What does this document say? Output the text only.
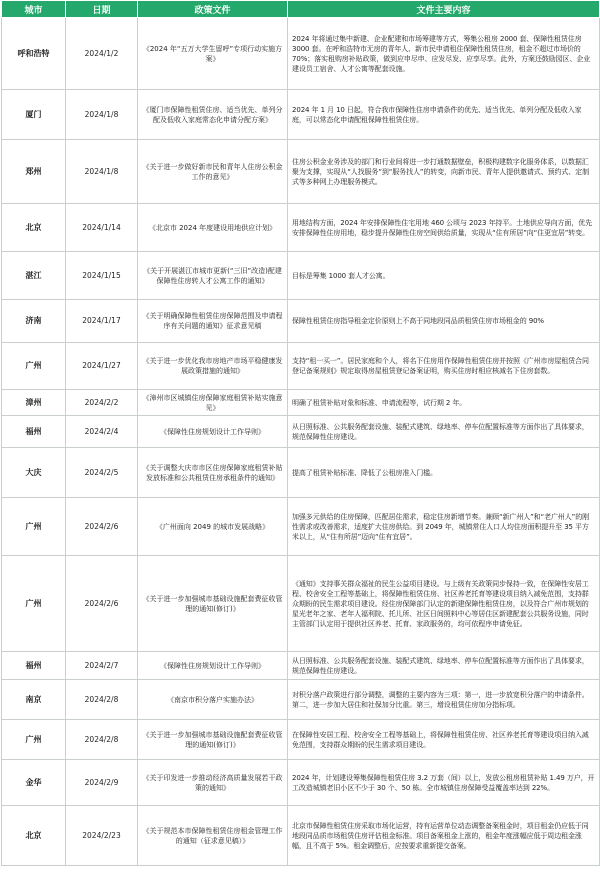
城市	日期	政策文件	文件主要内容
呼和浩特	2024/1/2	《2024 年“五万大学生留呼”专项行动实施方案》	2024 年将通过集中新建、企业配建和市场筹建等方式，筹集公租房 2000 套、保障性租赁住房 3000 套。在呼和浩特市无房的青年人、新市民申请租住保障性租赁住房，租金不超过市场价的 70%；落实租购房补贴政策，做到应申尽申、应发尽发、应享尽享。此外，方案还鼓励园区、企业建设员工宿舍、人才公寓等配套设施。
厦门	2024/1/8	《厦门市保障性租赁住房、适当优先、单列分配及低收入家庭常态化申请分配方案》	2024 年 1 月 10 日起，符合我市保障性住房申请条件的优先、适当优先、单列分配及低收入家庭，可以常态化申请配租保障性租赁住房。
郑州	2024/1/8	《关于进一步做好新市民和青年人住房公积金工作的意见》	住房公积金业务涉及的部门和行业间将进一步打通数据壁垒，积极构建数字化服务体系，以数据汇聚为支撑，实现从“人找服务”到“服务找人”的转变，向新市民、青年人提供邀请式、预约式、定制式等多种网上办理服务模式。
北京	2024/1/14	《北京市 2024 年度建设用地供应计划》	用地结构方面，2024 年安排保障性住宅用地 460 公顷与 2023 年持平。土地供应导向方面，优先安排保障性住房用地，稳步提升保障性住房空间供给质量，实现从“住有所居”向“住更宜居”转变。
湛江	2024/1/15	《关于开展湛江市城市更新(“三旧”改造)配建保障性住房转人才公寓工作的通知》	目标是筹集 1000 套人才公寓。
济南	2024/1/17	《关于明确保障性租赁住房保障范围及申请程序有关问题的通知》征求意见稿	保障性租赁住房指导租金定价原则上不高于同地段同品质租赁住房市场租金的 90%
广州	2024/1/27	《关于进一步优化我市房地产市场平稳健康发展政策措施的通知》	支持“租一买一”。居民家庭和个人，将名下住房用作保障性租赁住房并按照《广州市房屋租赁合同登记备案规则》规定取得房屋租赁登记备案证明，购买住房时相应核减名下住房套数。
漳州	2024/2/2	《漳州市区城镇住房保障家庭租赁补贴实施意见》	明确了租赁补贴对象和标准、申请流程等，试行期 2 年。
福州	2024/2/4	《保障性住房规划设计工作导则》	从日照标准、公共服务配套设施、装配式建筑、绿地率、停车位配置标准等方面作出了具体要求，规范保障性住房建设。
大庆	2024/2/5	《关于调整大庆市市区住房保障家庭租赁补贴发放标准和公共租赁住房承租条件的通知》	提高了租赁补贴标准、降低了公租房准入门槛。
广州	2024/2/6	《广州面向 2049 的城市发展战略》	加强多元供给的住房保障，匹配居住需求，稳定住房新增节奏。兼顾“新广州人”和“老广州人”的刚性需求或改善需求，适度扩大住房供给。到 2049 年，城镇常住人口人均住房面积提升至 35 平方米以上，从“住有所居”迈向“住有宜居”。
广州	2024/2/6	《关于进一步加强城市基础设施配套费征收管理的通知(修订)》	《通知》支持事关群众福祉的民生公益项目建设。与上级有关政策同步保持一致，在保障性安居工程、校舍安全工程等基础上，将保障性租赁住房、社区养老托育等建设项目纳入减免范围，支持群众期盼的民生需求项目建设。经住房保障部门认定的新建保障性租赁住房，以及符合广州市规划的星光老年之家、老年人福利院、托儿所、社区日间照料中心等居住区新建配套公共服务设施，同时主管部门认定用于提供社区养老、托育、家政服务的，均可依程序申请免征。
福州	2024/2/7	《保障性住房规划设计工作导则》	从日照标准、公共服务配套设施、装配式建筑、绿地率、停车位配置标准等方面作出了具体要求，规范保障性住房建设。
南京	2024/2/8	《南京市积分落户实施办法》	对积分落户政策进行部分调整，调整的主要内容为三项：第一，进一步放宽积分落户的申请条件。第二，进一步加大居住和社保加分比重。第三，增设租赁住房加分指标项。
广州	2024/2/8	《关于进一步加强城市基础设施配套费征收管理的通知(修订)》	在保障性安居工程、校舍安全工程等基础上，将保障性租赁住房、社区养老托育等建设项目纳入减免范围，支持群众期盼的民生需求项目建设。
金华	2024/2/9	《关于印发进一步推动经济高质量发展若干政策的通知》	2024 年，计划建设筹集保障性租赁住房 3.2 万套（间）以上，发放公租房租赁补贴 1.49 万户，开工改造城镇老旧小区不少于 30 个、50 栋。全市城镇住房保障受益覆盖率达到 22%。
北京	2024/2/23	《关于规范本市保障性租赁住房租金管理工作的通知（征求意见稿）》	北京市保障性租赁住房采取市场化运营，持有运营单位动态调整备案租金时，项目租金仍应低于同地段同品质市场租赁住房评估租金标准。项目备案租金上涨的，租金年度涨幅应低于周边租金涨幅，且不高于 5%。租金调整后，应按要求重新提交备案。
